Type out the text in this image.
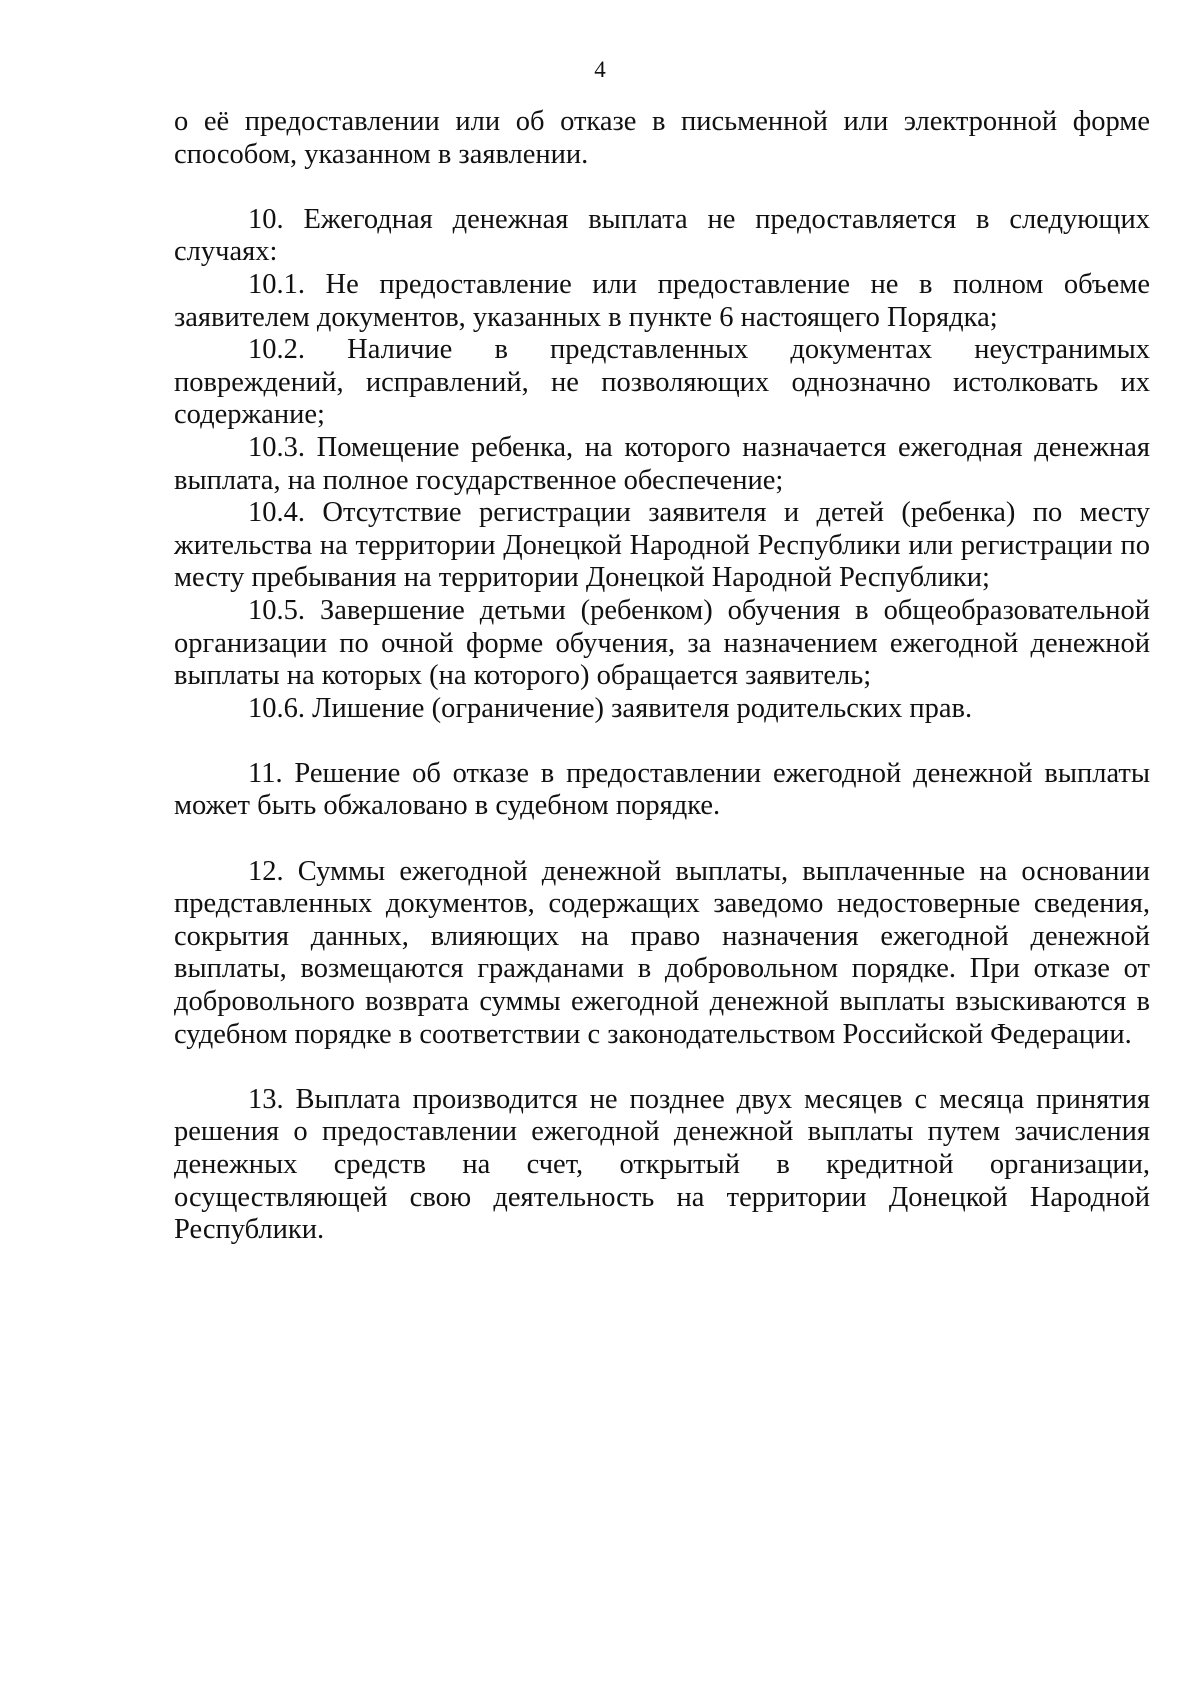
4

о её предоставлении или об отказе в письменной или электронной форме способом, указанном в заявлении.

10. Ежегодная денежная выплата не предоставляется в следующих случаях:

10.1. Не предоставление или предоставление не в полном объеме заявителем документов, указанных в пункте 6 настоящего Порядка;

10.2. Наличие в представленных документах неустранимых повреждений, исправлений, не позволяющих однозначно истолковать их содержание;

10.3. Помещение ребенка, на которого назначается ежегодная денежная выплата, на полное государственное обеспечение;

10.4. Отсутствие регистрации заявителя и детей (ребенка) по месту жительства на территории Донецкой Народной Республики или регистрации по месту пребывания на территории Донецкой Народной Республики;

10.5. Завершение детьми (ребенком) обучения в общеобразовательной организации по очной форме обучения, за назначением ежегодной денежной выплаты на которых (на которого) обращается заявитель;

10.6. Лишение (ограничение) заявителя родительских прав.

11. Решение об отказе в предоставлении ежегодной денежной выплаты может быть обжаловано в судебном порядке.

12. Суммы ежегодной денежной выплаты, выплаченные на основании представленных документов, содержащих заведомо недостоверные сведения, сокрытия данных, влияющих на право назначения ежегодной денежной выплаты, возмещаются гражданами в добровольном порядке. При отказе от добровольного возврата суммы ежегодной денежной выплаты взыскиваются в судебном порядке в соответствии с законодательством Российской Федерации.

13. Выплата производится не позднее двух месяцев с месяца принятия решения о предоставлении ежегодной денежной выплаты путем зачисления денежных средств на счет, открытый в кредитной организации, осуществляющей свою деятельность на территории Донецкой Народной Республики.
